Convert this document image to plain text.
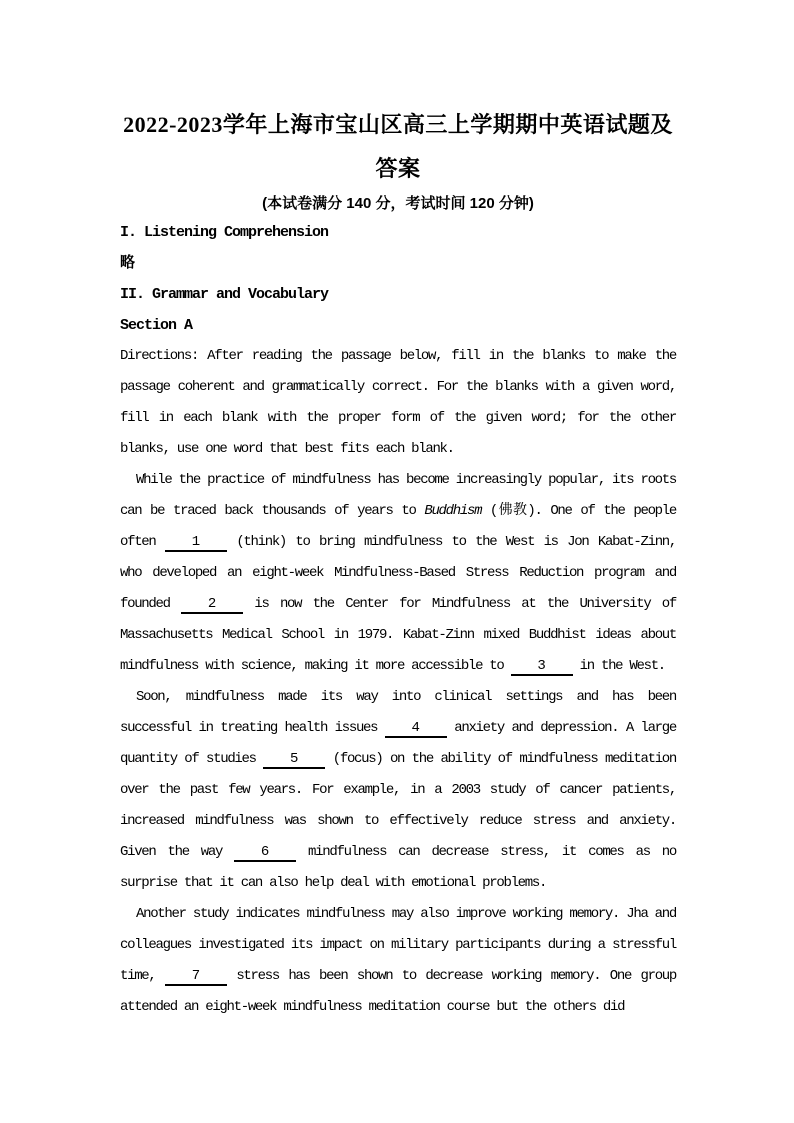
2022-2023学年上海市宝山区高三上学期期中英语试题及答案
(本试卷满分 140 分，考试时间 120 分钟)
I. Listening Comprehension
略
II. Grammar and Vocabulary
Section A

Directions: After reading the passage below, fill in the blanks to make the passage coherent and grammatically correct. For the blanks with a given word, fill in each blank with the proper form of the given word; for the other blanks, use one word that best fits each blank.

While the practice of mindfulness has become increasingly popular, its roots can be traced back thousands of years to Buddhism (佛教). One of the people often 1 (think) to bring mindfulness to the West is Jon Kabat-Zinn, who developed an eight-week Mindfulness-Based Stress Reduction program and founded 2 is now the Center for Mindfulness at the University of Massachusetts Medical School in 1979. Kabat-Zinn mixed Buddhist ideas about mindfulness with science, making it more accessible to 3 in the West.

Soon, mindfulness made its way into clinical settings and has been successful in treating health issues 4 anxiety and depression. A large quantity of studies 5 (focus) on the ability of mindfulness meditation over the past few years. For example, in a 2003 study of cancer patients, increased mindfulness was shown to effectively reduce stress and anxiety. Given the way 6 mindfulness can decrease stress, it comes as no surprise that it can also help deal with emotional problems.

Another study indicates mindfulness may also improve working memory. Jha and colleagues investigated its impact on military participants during a stressful time, 7 stress has been shown to decrease working memory. One group attended an eight-week mindfulness meditation course but the others did
